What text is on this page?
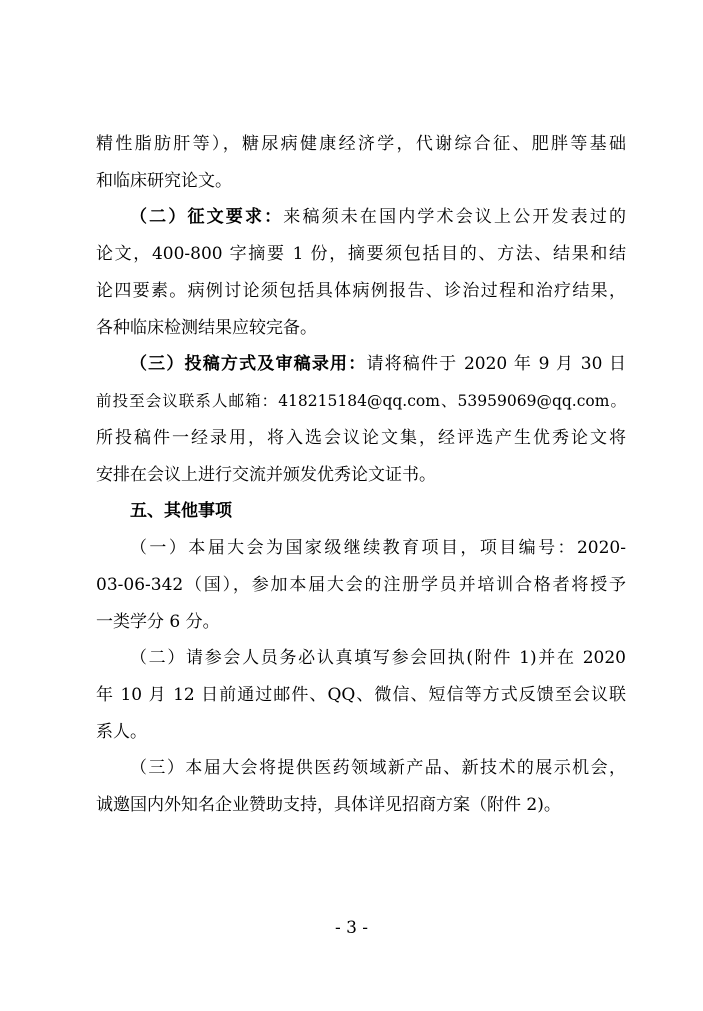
精性脂肪肝等），糖尿病健康经济学，代谢综合征、肥胖等基础
和临床研究论文。
（二）征文要求：来稿须未在国内学术会议上公开发表过的
论文，400-800 字摘要 1 份，摘要须包括目的、方法、结果和结
论四要素。病例讨论须包括具体病例报告、诊治过程和治疗结果，
各种临床检测结果应较完备。
（三）投稿方式及审稿录用：请将稿件于 2020 年 9 月 30 日
前投至会议联系人邮箱：418215184@qq.com、53959069@qq.com。
所投稿件一经录用，将入选会议论文集，经评选产生优秀论文将
安排在会议上进行交流并颁发优秀论文证书。
五、其他事项
（一）本届大会为国家级继续教育项目，项目编号：2020-
03-06-342（国），参加本届大会的注册学员并培训合格者将授予
一类学分 6 分。
（二）请参会人员务必认真填写参会回执(附件 1)并在 2020
年 10 月 12 日前通过邮件、QQ、微信、短信等方式反馈至会议联
系人。
（三）本届大会将提供医药领域新产品、新技术的展示机会，
诚邀国内外知名企业赞助支持，具体详见招商方案（附件 2)。
- 3 -
